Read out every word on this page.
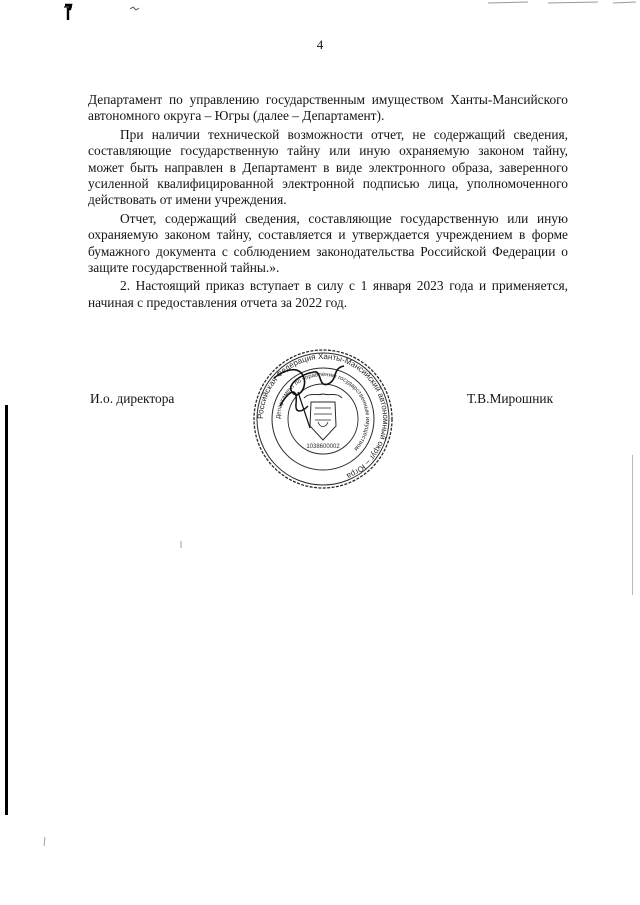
4

Департамент по управлению государственным имуществом Ханты-Мансийского автономного округа – Югры (далее – Департамент).

При наличии технической возможности отчет, не содержащий сведения, составляющие государственную тайну или иную охраняемую законом тайну, может быть направлен в Департамент в виде электронного образа, заверенного усиленной квалифицированной электронной подписью лица, уполномоченного действовать от имени учреждения.

Отчет, содержащий сведения, составляющие государственную или иную охраняемую законом тайну, составляется и утверждается учреждением в форме бумажного документа с соблюдением законодательства Российской Федерации о защите государственной тайны.».

2. Настоящий приказ вступает в силу с 1 января 2023 года и применяется, начиная с предоставления отчета за 2022 год.

И.о. директора	Т.В.Мирошник
Российская Федерация Ханты-Мансийский автономный округ – Югра
Департамент по управлению государственным имуществом
1038600002
